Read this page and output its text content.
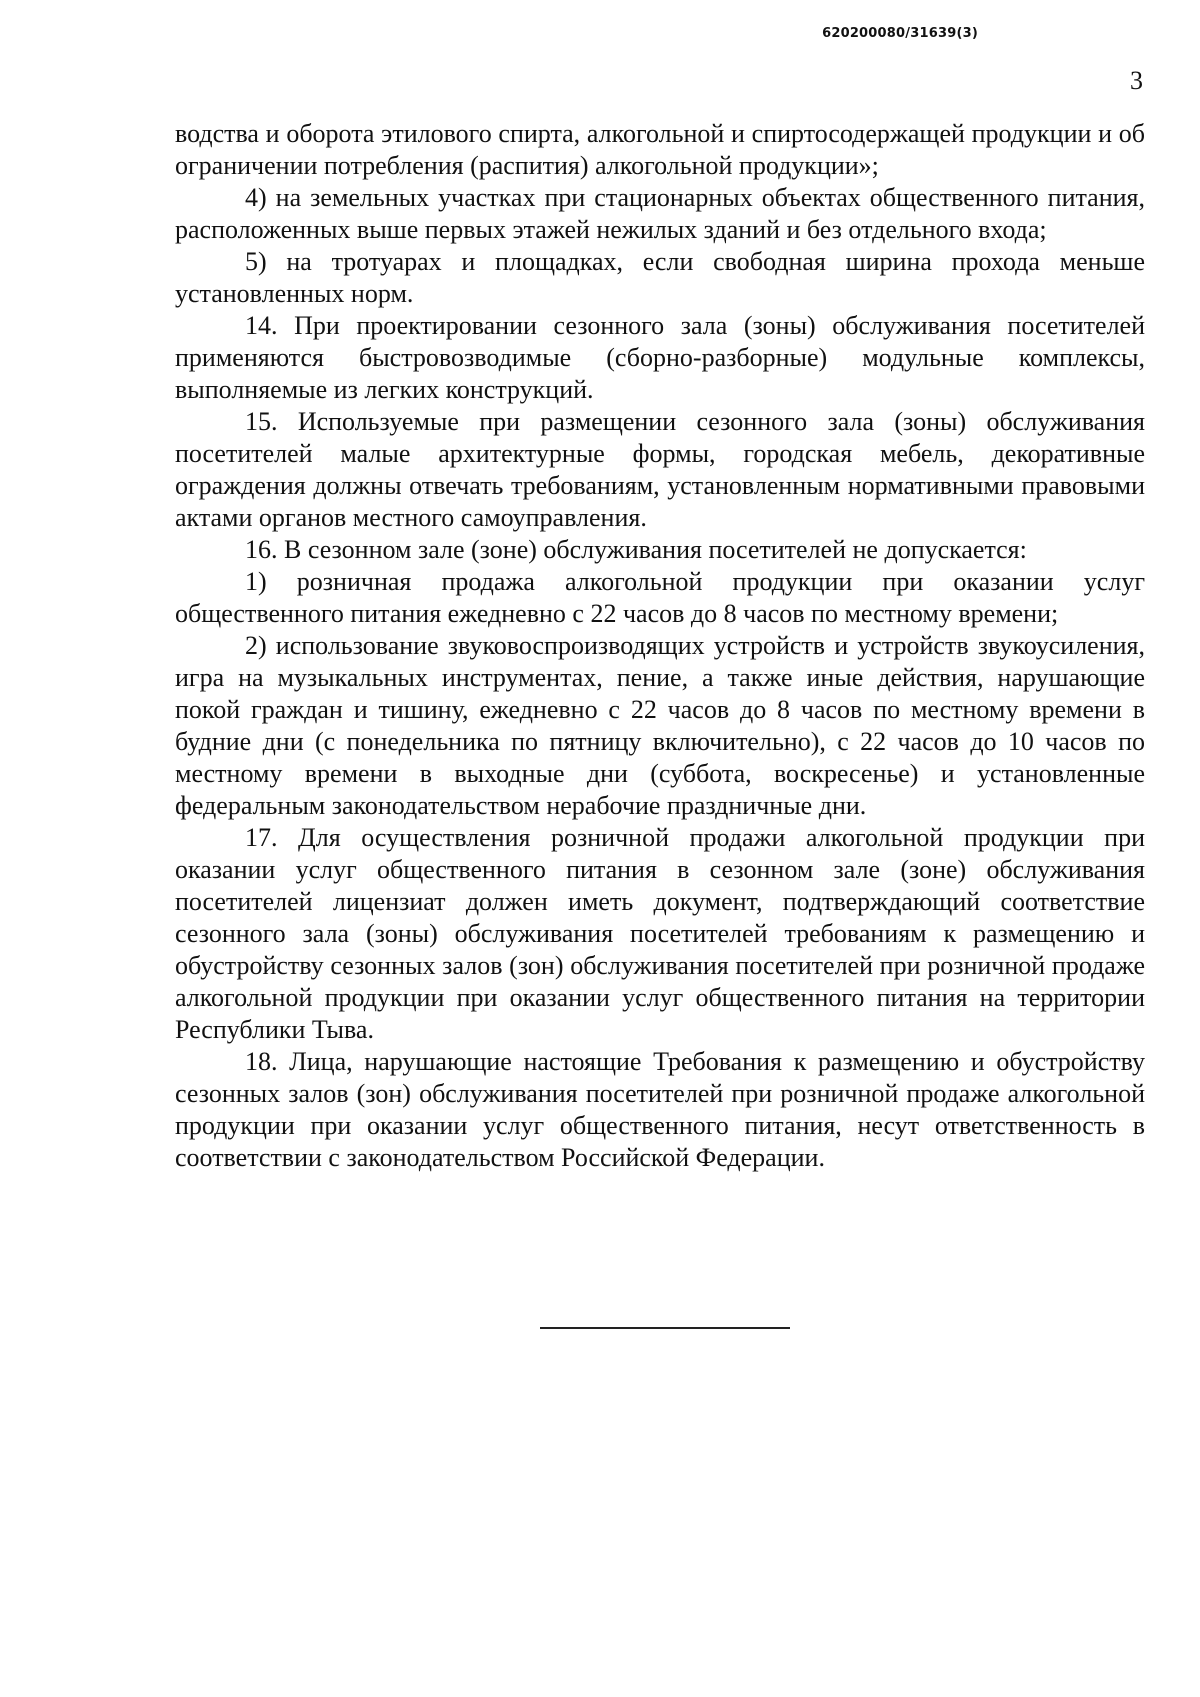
620200080/31639(3)
3

водства и оборота этилового спирта, алкогольной и спиртосодержащей продукции и об ограничении потребления (распития) алкогольной продукции»;

4) на земельных участках при стационарных объектах общественного питания, расположенных выше первых этажей нежилых зданий и без отдельного входа;

5) на тротуарах и площадках, если свободная ширина прохода меньше установленных норм.

14. При проектировании сезонного зала (зоны) обслуживания посетителей применяются быстровозводимые (сборно-разборные) модульные комплексы, выполняемые из легких конструкций.

15. Используемые при размещении сезонного зала (зоны) обслуживания посетителей малые архитектурные формы, городская мебель, декоративные ограждения должны отвечать требованиям, установленным нормативными правовыми актами органов местного самоуправления.

16. В сезонном зале (зоне) обслуживания посетителей не допускается:

1) розничная продажа алкогольной продукции при оказании услуг общественного питания ежедневно с 22 часов до 8 часов по местному времени;

2) использование звуковоспроизводящих устройств и устройств звукоусиления, игра на музыкальных инструментах, пение, а также иные действия, нарушающие покой граждан и тишину, ежедневно с 22 часов до 8 часов по местному времени в будние дни (с понедельника по пятницу включительно), с 22 часов до 10 часов по местному времени в выходные дни (суббота, воскресенье) и установленные федеральным законодательством нерабочие праздничные дни.

17. Для осуществления розничной продажи алкогольной продукции при оказании услуг общественного питания в сезонном зале (зоне) обслуживания посетителей лицензиат должен иметь документ, подтверждающий соответствие сезонного зала (зоны) обслуживания посетителей требованиям к размещению и обустройству сезонных залов (зон) обслуживания посетителей при розничной продаже алкогольной продукции при оказании услуг общественного питания на территории Республики Тыва.

18. Лица, нарушающие настоящие Требования к размещению и обустройству сезонных залов (зон) обслуживания посетителей при розничной продаже алкогольной продукции при оказании услуг общественного питания, несут ответственность в соответствии с законодательством Российской Федерации.
